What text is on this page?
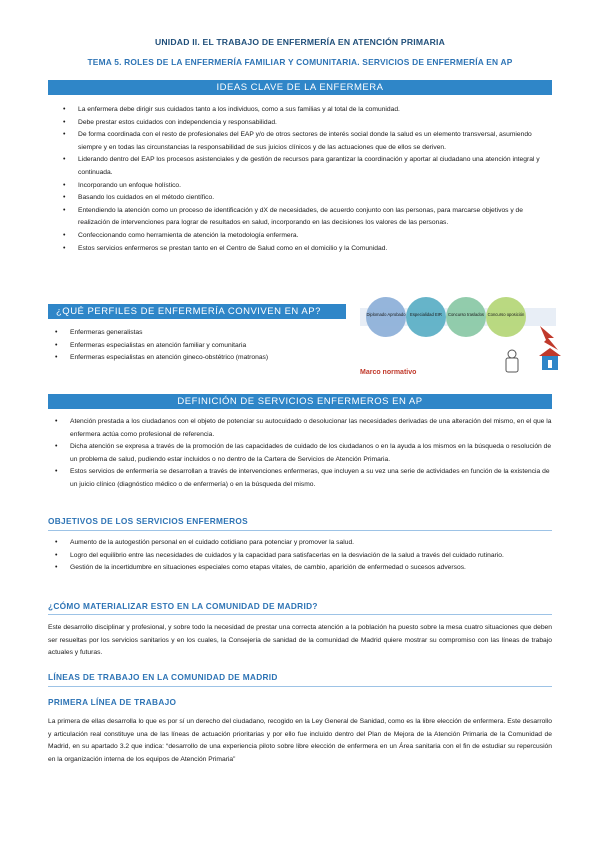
UNIDAD II. EL TRABAJO DE ENFERMERÍA EN ATENCIÓN PRIMARIA
TEMA 5. ROLES DE LA ENFERMERÍA FAMILIAR Y COMUNITARIA. SERVICIOS DE ENFERMERÍA EN AP
IDEAS CLAVE DE LA ENFERMERA
• La enfermera debe dirigir sus cuidados tanto a los individuos, como a sus familias y al total de la comunidad.
• Debe prestar estos cuidados con independencia y responsabilidad.
• De forma coordinada con el resto de profesionales del EAP y/o de otros sectores de interés social donde la salud es un elemento transversal, asumiendo siempre y en todas las circunstancias la responsabilidad de sus juicios clínicos y de las actuaciones que de ellos se deriven.
• Liderando dentro del EAP los procesos asistenciales y de gestión de recursos para garantizar la coordinación y aportar al ciudadano una atención integral y continuada.
• Incorporando un enfoque holístico.
• Basando los cuidados en el método científico.
• Entendiendo la atención como un proceso de identificación y dX de necesidades, de acuerdo conjunto con las personas, para marcarse objetivos y de realización de intervenciones para lograr de resultados en salud, incorporando en las decisiones los valores de las personas.
• Confeccionando como herramienta de atención la metodología enfermera.
• Estos servicios enfermeros se prestan tanto en el Centro de Salud como en el domicilio y la Comunidad.
¿QUÉ PERFILES DE ENFERMERÍA CONVIVEN EN AP?
• Enfermeras generalistas
• Enfermeras especialistas en atención familiar y comunitaria
• Enfermeras especialistas en atención gineco-obstétrico (matronas)
Diplomado Aprobado Especialidad EIR Concurso traslados Concurso oposición
Marco normativo
DEFINICIÓN DE SERVICIOS ENFERMEROS EN AP
• Atención prestada a los ciudadanos con el objeto de potenciar su autocuidado o desolucionar las necesidades derivadas de una alteración del mismo, en el que la enfermera actúa como profesional de referencia.
• Dicha atención se expresa a través de la promoción de las capacidades de cuidado de los ciudadanos o en la ayuda a los mismos en la búsqueda o resolución de un problema de salud, pudiendo estar incluidos o no dentro de la Cartera de Servicios de Atención Primaria.
• Estos servicios de enfermería se desarrollan a través de intervenciones enfermeras, que incluyen a su vez una serie de actividades en función de la existencia de un juicio clínico (diagnóstico médico o de enfermería) o en la búsqueda del mismo.
OBJETIVOS DE LOS SERVICIOS ENFERMEROS
• Aumento de la autogestión personal en el cuidado cotidiano para potenciar y promover la salud.
• Logro del equilibrio entre las necesidades de cuidados y la capacidad para satisfacerlas en la desviación de la salud a través del cuidado rutinario.
• Gestión de la incertidumbre en situaciones especiales como etapas vitales, de cambio, aparición de enfermedad o sucesos adversos.
¿CÓMO MATERIALIZAR ESTO EN LA COMUNIDAD DE MADRID?
Este desarrollo disciplinar y profesional, y sobre todo la necesidad de prestar una correcta atención a la población ha puesto sobre la mesa cuatro situaciones que deben ser resueltas por los servicios sanitarios y en los cuales, la Consejería de sanidad de la comunidad de Madrid quiere mostrar su compromiso con las líneas de trabajo actuales y futuras.
LÍNEAS DE TRABAJO EN LA COMUNIDAD DE MADRID
PRIMERA LÍNEA DE TRABAJO
La primera de ellas desarrolla lo que es por sí un derecho del ciudadano, recogido en la Ley General de Sanidad, como es la libre elección de enfermera. Este desarrollo y articulación real constituye una de las líneas de actuación prioritarias y por ello fue incluido dentro del Plan de Mejora de la Atención Primaria de la Comunidad de Madrid, en su apartado 3.2 que indica: “desarrollo de una experiencia piloto sobre libre elección de enfermera en un Área sanitaria con el fin de estudiar su repercusión en la organización interna de los equipos de Atención Primaria”
